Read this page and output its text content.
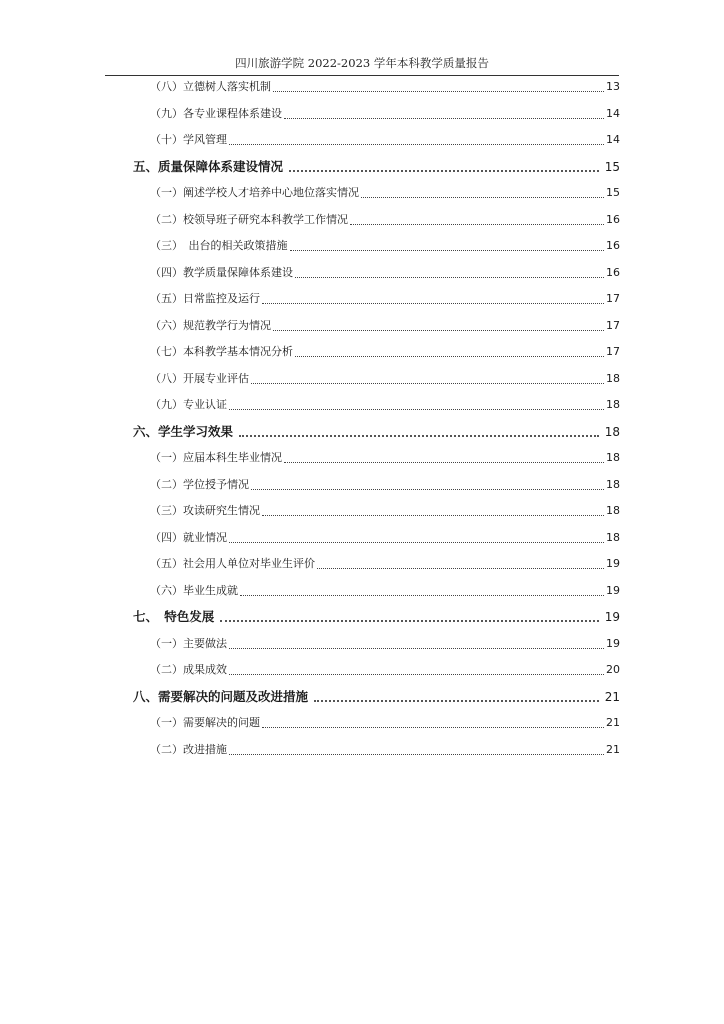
四川旅游学院 2022-2023 学年本科教学质量报告
（八）立德树人落实机制	13
（九）各专业课程体系建设	14
（十）学风管理	14
五、质量保障体系建设情况	15
（一）阐述学校人才培养中心地位落实情况	15
（二）校领导班子研究本科教学工作情况	16
（三）　出台的相关政策措施	16
（四）教学质量保障体系建设	16
（五）日常监控及运行	17
（六）规范教学行为情况	17
（七）本科教学基本情况分析	17
（八）开展专业评估	18
（九）专业认证	18
六、学生学习效果	18
（一）应届本科生毕业情况	18
（二）学位授予情况	18
（三）攻读研究生情况	18
（四）就业情况	18
（五）社会用人单位对毕业生评价	19
（六）毕业生成就	19
七、　特色发展	19
（一）主要做法	19
（二）成果成效	20
八、需要解决的问题及改进措施	21
（一）需要解决的问题	21
（二）改进措施	21
